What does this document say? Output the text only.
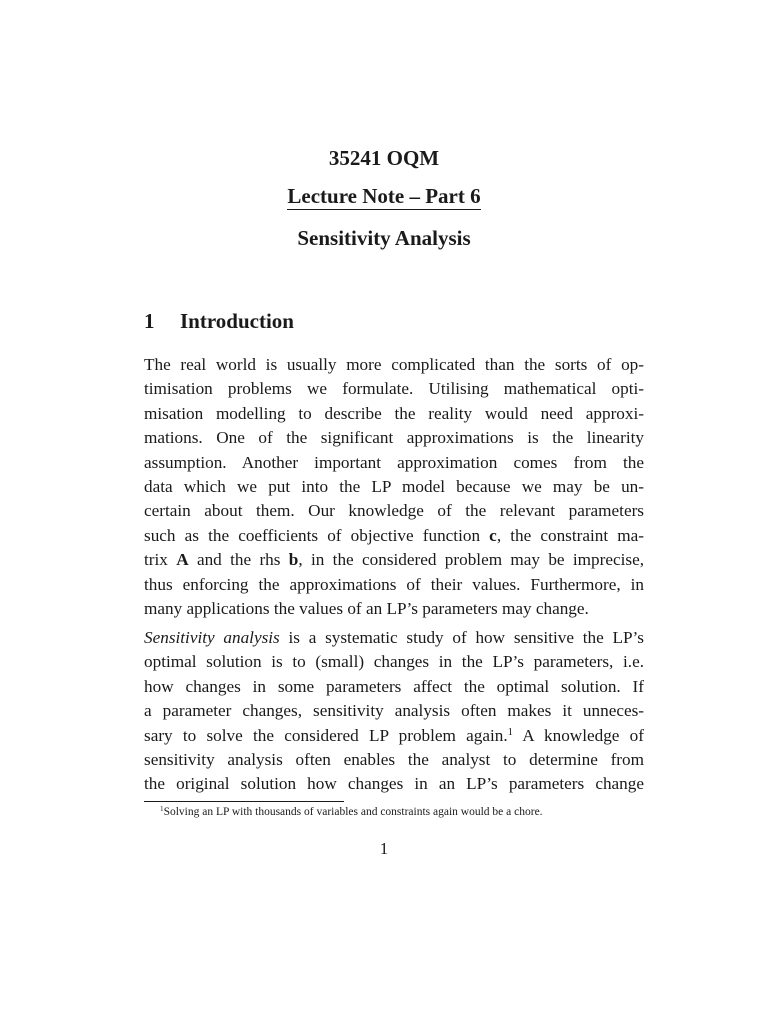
35241 OQM
Lecture Note – Part 6
Sensitivity Analysis
1 Introduction
The real world is usually more complicated than the sorts of op-
timisation problems we formulate. Utilising mathematical opti-
misation modelling to describe the reality would need approxi-
mations. One of the significant approximations is the linearity
assumption. Another important approximation comes from the
data which we put into the LP model because we may be un-
certain about them. Our knowledge of the relevant parameters
such as the coefficients of objective function c, the constraint ma-
trix A and the rhs b, in the considered problem may be imprecise,
thus enforcing the approximations of their values. Furthermore, in
many applications the values of an LP’s parameters may change.
Sensitivity analysis is a systematic study of how sensitive the LP’s
optimal solution is to (small) changes in the LP’s parameters, i.e.
how changes in some parameters affect the optimal solution. If
a parameter changes, sensitivity analysis often makes it unneces-
sary to solve the considered LP problem again.$^1$ A knowledge of
sensitivity analysis often enables the analyst to determine from
the original solution how changes in an LP’s parameters change
$^1$Solving an LP with thousands of variables and constraints again would be a chore.
1
